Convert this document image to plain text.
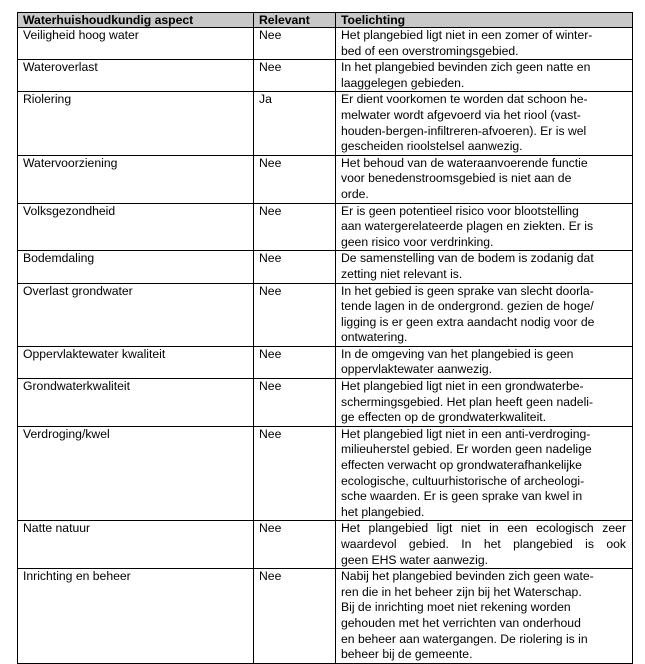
Waterhuishoudkundig aspect	Relevant	Toelichting
Veiligheid hoog water	Nee	Het plangebied ligt niet in een zomer of winter-
bed of een overstromingsgebied.

Wateroverlast	Nee	In het plangebied bevinden zich geen natte en
laaggelegen gebieden.

Riolering	Ja	Er dient voorkomen te worden dat schoon he-
melwater wordt afgevoerd via het riool (vast-
houden-bergen-infiltreren-afvoeren). Er is wel
gescheiden rioolstelsel aanwezig.

Watervoorziening	Nee	Het behoud van de wateraanvoerende functie
voor benedenstroomsgebied is niet aan de
orde.

Volksgezondheid	Nee	Er is geen potentieel risico voor blootstelling
aan watergerelateerde plagen en ziekten. Er is
geen risico voor verdrinking.

Bodemdaling	Nee	De samenstelling van de bodem is zodanig dat
zetting niet relevant is.

Overlast grondwater	Nee	In het gebied is geen sprake van slecht doorla-
tende lagen in de ondergrond. gezien de hoge/
ligging is er geen extra aandacht nodig voor de
ontwatering.

Oppervlaktewater kwaliteit	Nee	In de omgeving van het plangebied is geen
oppervlaktewater aanwezig.

Grondwaterkwaliteit	Nee	Het plangebied ligt niet in een grondwaterbe-
schermingsgebied. Het plan heeft geen nadeli-
ge effecten op de grondwaterkwaliteit.

Verdroging/kwel	Nee	Het plangebied ligt niet in een anti-verdroging-
milieuherstel gebied. Er worden geen nadelige
effecten verwacht op grondwaterafhankelijke
ecologische, cultuurhistorische of archeologi-
sche waarden. Er is geen sprake van kwel in
het plangebied.

Natte natuur	Nee	Het plangebied ligt niet in een ecologisch zeer
waardevol gebied. In het plangebied is ook
geen EHS water aanwezig.

Inrichting en beheer	Nee	Nabij het plangebied bevinden zich geen wate-
ren die in het beheer zijn bij het Waterschap.
Bij de inrichting moet niet rekening worden
gehouden met het verrichten van onderhoud
en beheer aan watergangen. De riolering is in
beheer bij de gemeente.
